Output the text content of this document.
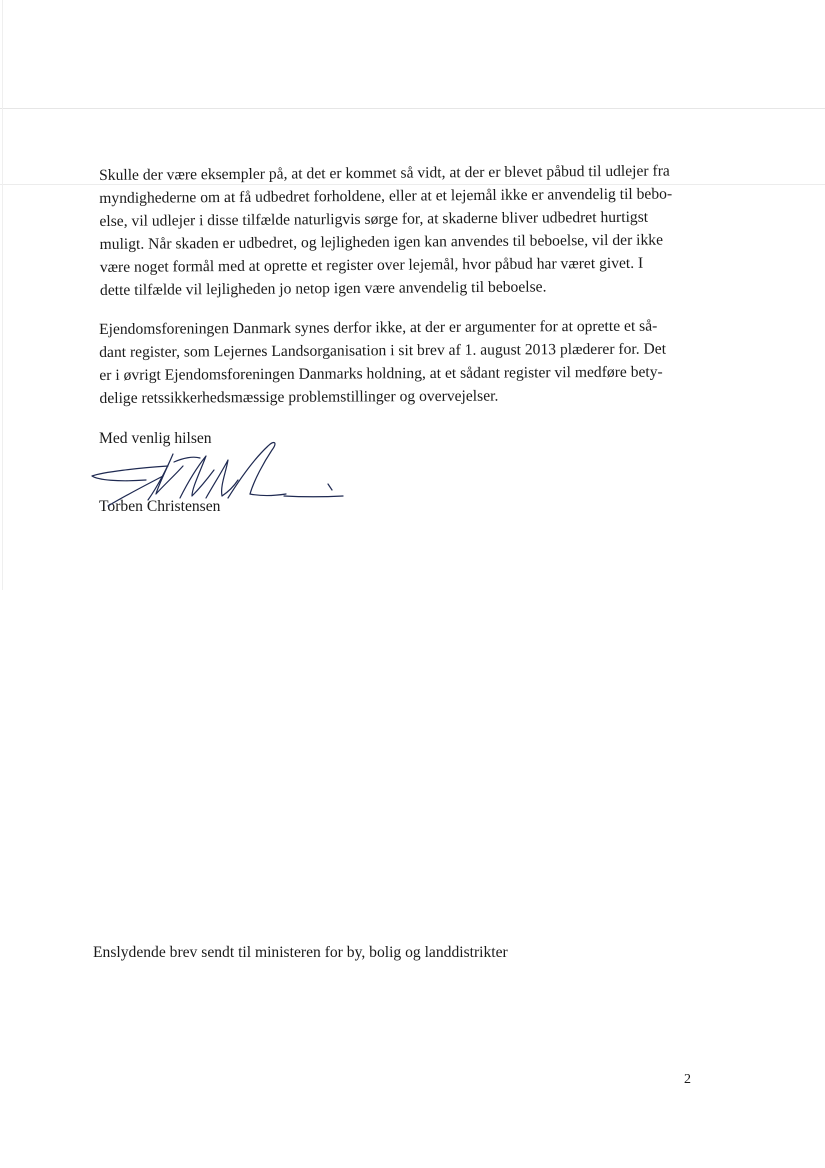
Skulle der være eksempler på, at det er kommet så vidt, at der er blevet påbud til udlejer fra
myndighederne om at få udbedret forholdene, eller at et lejemål ikke er anvendelig til bebo-
else, vil udlejer i disse tilfælde naturligvis sørge for, at skaderne bliver udbedret hurtigst
muligt. Når skaden er udbedret, og lejligheden igen kan anvendes til beboelse, vil der ikke
være noget formål med at oprette et register over lejemål, hvor påbud har været givet. I
dette tilfælde vil lejligheden jo netop igen være anvendelig til beboelse.
Ejendomsforeningen Danmark synes derfor ikke, at der er argumenter for at oprette et så-
dant register, som Lejernes Landsorganisation i sit brev af 1. august 2013 plæderer for. Det
er i øvrigt Ejendomsforeningen Danmarks holdning, at et sådant register vil medføre bety-
delige retssikkerhedsmæssige problemstillinger og overvejelser.
Med venlig hilsen
Torben Christensen
Enslydende brev sendt til ministeren for by, bolig og landdistrikter
2
